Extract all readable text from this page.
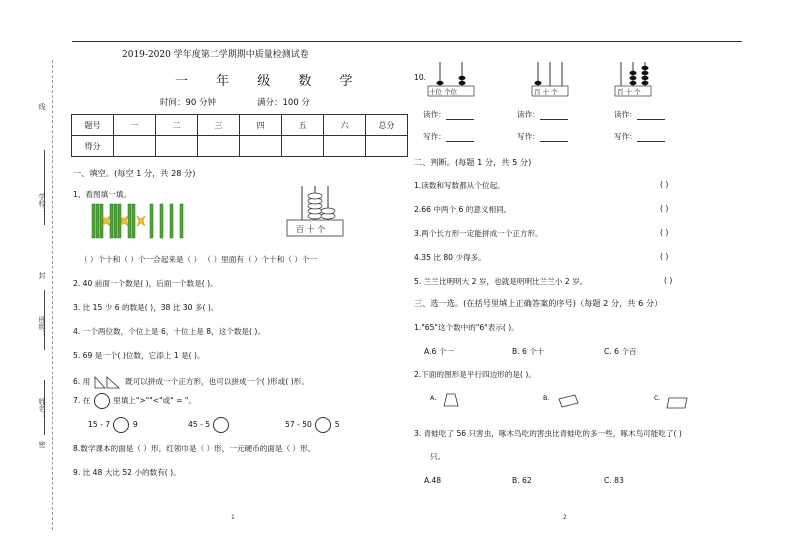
线
学校：
封
班级：
姓名：
密
2019-2020 学年度第二学期期中质量检测试卷
一 年 级 数 学
时间：90 分钟	满分：100 分
题号	一	二	三	四	五	六	总分
得分							
一、填空。(每空 1 分，共 28 分)
1、看图填一填。
百 十 个
（ ）个十和（ ）个一合起来是（ ） （ ）里面有（ ）个十和（ ）个一
2. 40 前面一个数是( )，后面一个数是( )。
3. 比 15 少 6 的数是( )，38 比 30 多( )。
4. 一个两位数，个位上是 6，十位上是 8，这个数是( )。
5. 69 是一个( )位数，它添上 1 是( )。
6. 用	既可以拼成一个正方形，也可以拼成一个( )形或( )形。
7. 在	里填上">""<"或" = "。
15 - 7	9	45 - 5	57 - 50	5
8.数学课本的面是（ ）形，红领巾是（ ）形，一元硬币的面是（ ）形。
9. 比 48 大比 52 小的数有( )。
1
10.
十位 个位	百 十 个	百 十 个
读作：	读作：	读作：
写作：	写作：	写作：
二、判断。(每题 1 分，共 5 分)
1.读数和写数都从个位起。
2.66 中两个 6 的意义相同。
3.两个长方形一定能拼成一个正方形。
4.35 比 80 少得多。
5. 兰兰比明明大 2 岁，也就是明明比兰兰小 2 岁。
( )
( )
( )
( )
( )
三、选一选。(在括号里填上正确答案的序号)（每题 2 分，共 6 分）
1."65"这个数中的"6"表示( )。
A.6 个一	B. 6 个十	C. 6 个百
2.下面的图形是平行四边形的是( )。
A.	B.	C.
3. 青蛙吃了 56 只害虫，啄木鸟吃的害虫比青蛙吃的多一些，啄木鸟可能吃了( )
只。
A.48	B. 62	C. 83
2
